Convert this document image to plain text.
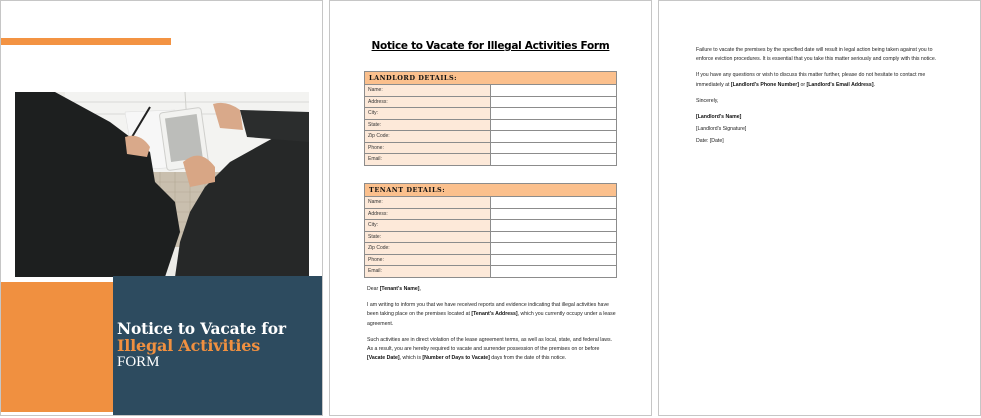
Notice to Vacate for
Illegal Activities
FORM
Notice to Vacate for Illegal Activities Form
LANDLORD DETAILS:	
Name:	
Address:	
City:	
State:	
Zip Code:	
Phone:	
Email:	
TENANT DETAILS:	
Name:	
Address:	
City:	
State:	
Zip Code:	
Phone:	
Email:	

Dear [Tenant's Name],

I am writing to inform you that we have received reports and evidence indicating that illegal activities have been taking place on the premises located at [Tenant's Address], which you currently occupy under a lease agreement.

Such activities are in direct violation of the lease agreement terms, as well as local, state, and federal laws. As a result, you are hereby required to vacate and surrender possession of the premises on or before [Vacate Date], which is [Number of Days to Vacate] days from the date of this notice.

Failure to vacate the premises by the specified date will result in legal action being taken against you to enforce eviction procedures. It is essential that you take this matter seriously and comply with this notice.

If you have any questions or wish to discuss this matter further, please do not hesitate to contact me immediately at [Landlord's Phone Number] or [Landlord's Email Address].

Sincerely,

[Landlord's Name]

[Landlord's Signature]

Date: [Date]
